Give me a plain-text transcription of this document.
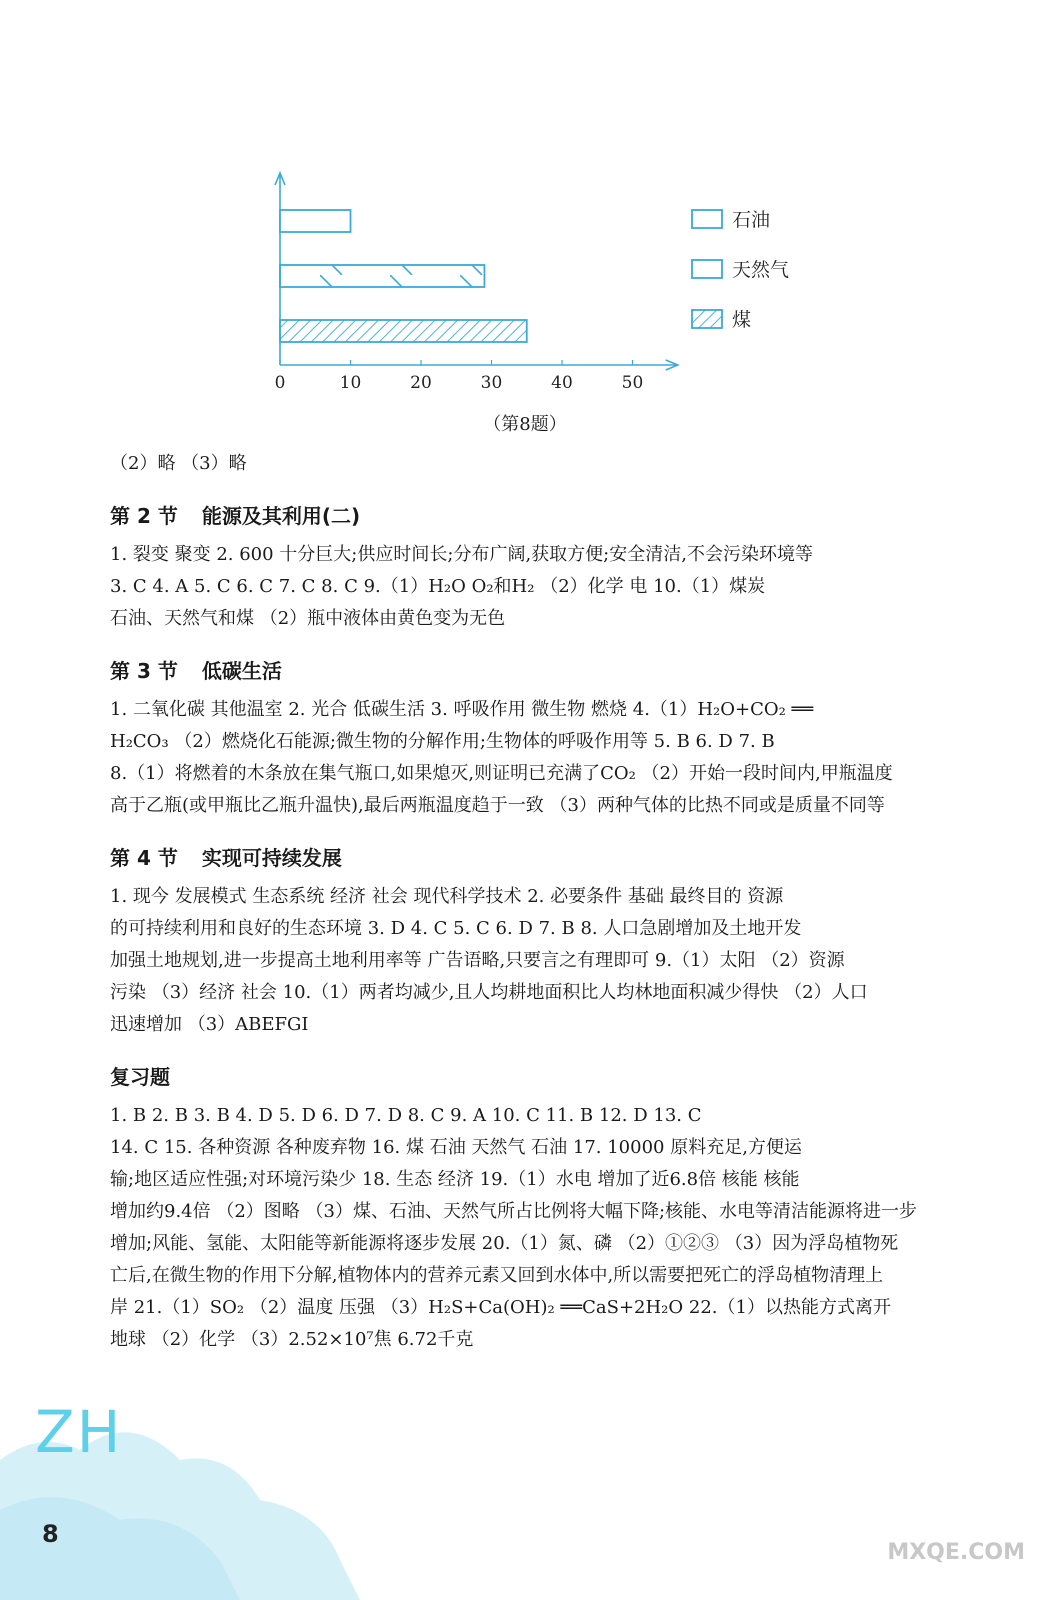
0	10	20	30	40	50
石油
天然气
煤
（第8题）

（2）略 （3）略

第 2 节 能源及其利用(二)

1. 裂变 聚变 2. 600 十分巨大;供应时间长;分布广阔,获取方便;安全清洁,不会污染环境等

3. C 4. A 5. C 6. C 7. C 8. C 9.（1）H₂O O₂和H₂ （2）化学 电 10.（1）煤炭

石油、天然气和煤 （2）瓶中液体由黄色变为无色

第 3 节 低碳生活

1. 二氧化碳 其他温室 2. 光合 低碳生活 3. 呼吸作用 微生物 燃烧 4.（1）H₂O+CO₂ ══

H₂CO₃ （2）燃烧化石能源;微生物的分解作用;生物体的呼吸作用等 5. B 6. D 7. B

8.（1）将燃着的木条放在集气瓶口,如果熄灭,则证明已充满了CO₂ （2）开始一段时间内,甲瓶温度

高于乙瓶(或甲瓶比乙瓶升温快),最后两瓶温度趋于一致 （3）两种气体的比热不同或是质量不同等

第 4 节 实现可持续发展

1. 现今 发展模式 生态系统 经济 社会 现代科学技术 2. 必要条件 基础 最终目的 资源

的可持续利用和良好的生态环境 3. D 4. C 5. C 6. D 7. B 8. 人口急剧增加及土地开发

加强土地规划,进一步提高土地利用率等 广告语略,只要言之有理即可 9.（1）太阳 （2）资源

污染 （3）经济 社会 10.（1）两者均减少,且人均耕地面积比人均林地面积减少得快 （2）人口

迅速增加 （3）ABEFGI

复习题

1. B 2. B 3. B 4. D 5. D 6. D 7. D 8. C 9. A 10. C 11. B 12. D 13. C

14. C 15. 各种资源 各种废弃物 16. 煤 石油 天然气 石油 17. 10000 原料充足,方便运

输;地区适应性强;对环境污染少 18. 生态 经济 19.（1）水电 增加了近6.8倍 核能 核能

增加约9.4倍 （2）图略 （3）煤、石油、天然气所占比例将大幅下降;核能、水电等清洁能源将进一步

增加;风能、氢能、太阳能等新能源将逐步发展 20.（1）氮、磷 （2）①②③ （3）因为浮岛植物死

亡后,在微生物的作用下分解,植物体内的营养元素又回到水体中,所以需要把死亡的浮岛植物清理上

岸 21.（1）SO₂ （2）温度 压强 （3）H₂S+Ca(OH)₂ ══CaS+2H₂O 22.（1）以热能方式离开

地球 （2）化学 （3）2.52×10⁷焦 6.72千克

ZH
8
MXQE.COM
